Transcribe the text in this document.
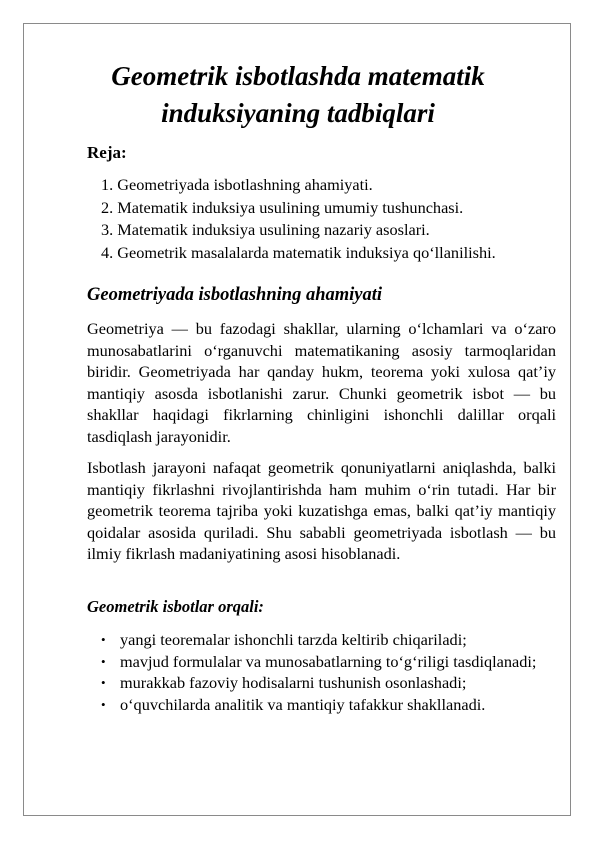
Geometrik isbotlashda matematik induksiyaning tadbiqlari
Reja:
1. Geometriyada isbotlashning ahamiyati.
2. Matematik induksiya usulining umumiy tushunchasi.
3. Matematik induksiya usulining nazariy asoslari.
4. Geometrik masalalarda matematik induksiya qo‘llanilishi.
Geometriyada isbotlashning ahamiyati

Geometriya — bu fazodagi shakllar, ularning o‘lchamlari va o‘zaro munosabatlarini o‘rganuvchi matematikaning asosiy tarmoqlaridan biridir. Geometriyada har qanday hukm, teorema yoki xulosa qat’iy mantiqiy asosda isbotlanishi zarur. Chunki geometrik isbot — bu shakllar haqidagi fikrlarning chinligini ishonchli dalillar orqali tasdiqlash jarayonidir.

Isbotlash jarayoni nafaqat geometrik qonuniyatlarni aniqlashda, balki mantiqiy fikrlashni rivojlantirishda ham muhim o‘rin tutadi. Har bir geometrik teorema tajriba yoki kuzatishga emas, balki qat’iy mantiqiy qoidalar asosida quriladi. Shu sababli geometriyada isbotlash — bu ilmiy fikrlash madaniyatining asosi hisoblanadi.

Geometrik isbotlar orqali:
• yangi teoremalar ishonchli tarzda keltirib chiqariladi;
• mavjud formulalar va munosabatlarning to‘g‘riligi tasdiqlanadi;
• murakkab fazoviy hodisalarni tushunish osonlashadi;
• o‘quvchilarda analitik va mantiqiy tafakkur shakllanadi.
